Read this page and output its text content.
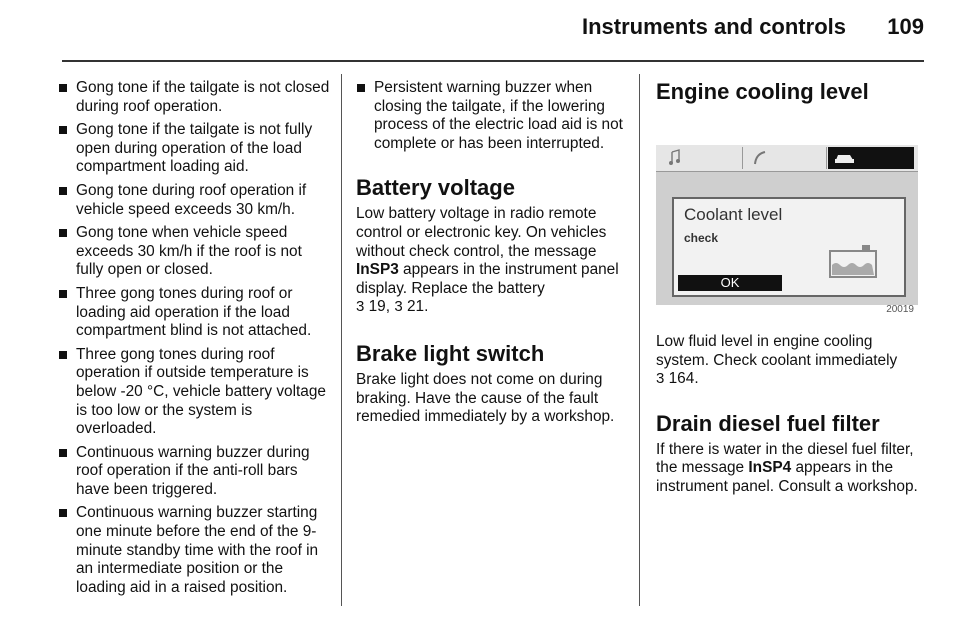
Instruments and controls 109
Gong tone if the tailgate is not closed during roof operation.
Gong tone if the tailgate is not fully open during operation of the load compartment loading aid.
Gong tone during roof operation if vehicle speed exceeds 30 km/h.
Gong tone when vehicle speed exceeds 30 km/h if the roof is not fully open or closed.
Three gong tones during roof or loading aid operation if the load compartment blind is not attached.
Three gong tones during roof operation if outside temperature is below -20 °C, vehicle battery voltage is too low or the system is overloaded.
Continuous warning buzzer during roof operation if the anti-roll bars have been triggered.
Continuous warning buzzer starting one minute before the end of the 9-minute standby time with the roof in an intermediate position or the loading aid in a raised position.
Persistent warning buzzer when closing the tailgate, if the lowering process of the electric load aid is not complete or has been interrupted.
Battery voltage

Low battery voltage in radio remote control or electronic key. On vehicles without check control, the message InSP3 appears in the instrument panel display. Replace the battery
3 19, 3 21.

Brake light switch

Brake light does not come on during braking. Have the cause of the fault remedied immediately by a workshop.

Engine cooling level
Coolant level
check
OK
20019

Low fluid level in engine cooling system. Check coolant immediately
3 164.

Drain diesel fuel filter

If there is water in the diesel fuel filter, the message InSP4 appears in the instrument panel. Consult a workshop.
